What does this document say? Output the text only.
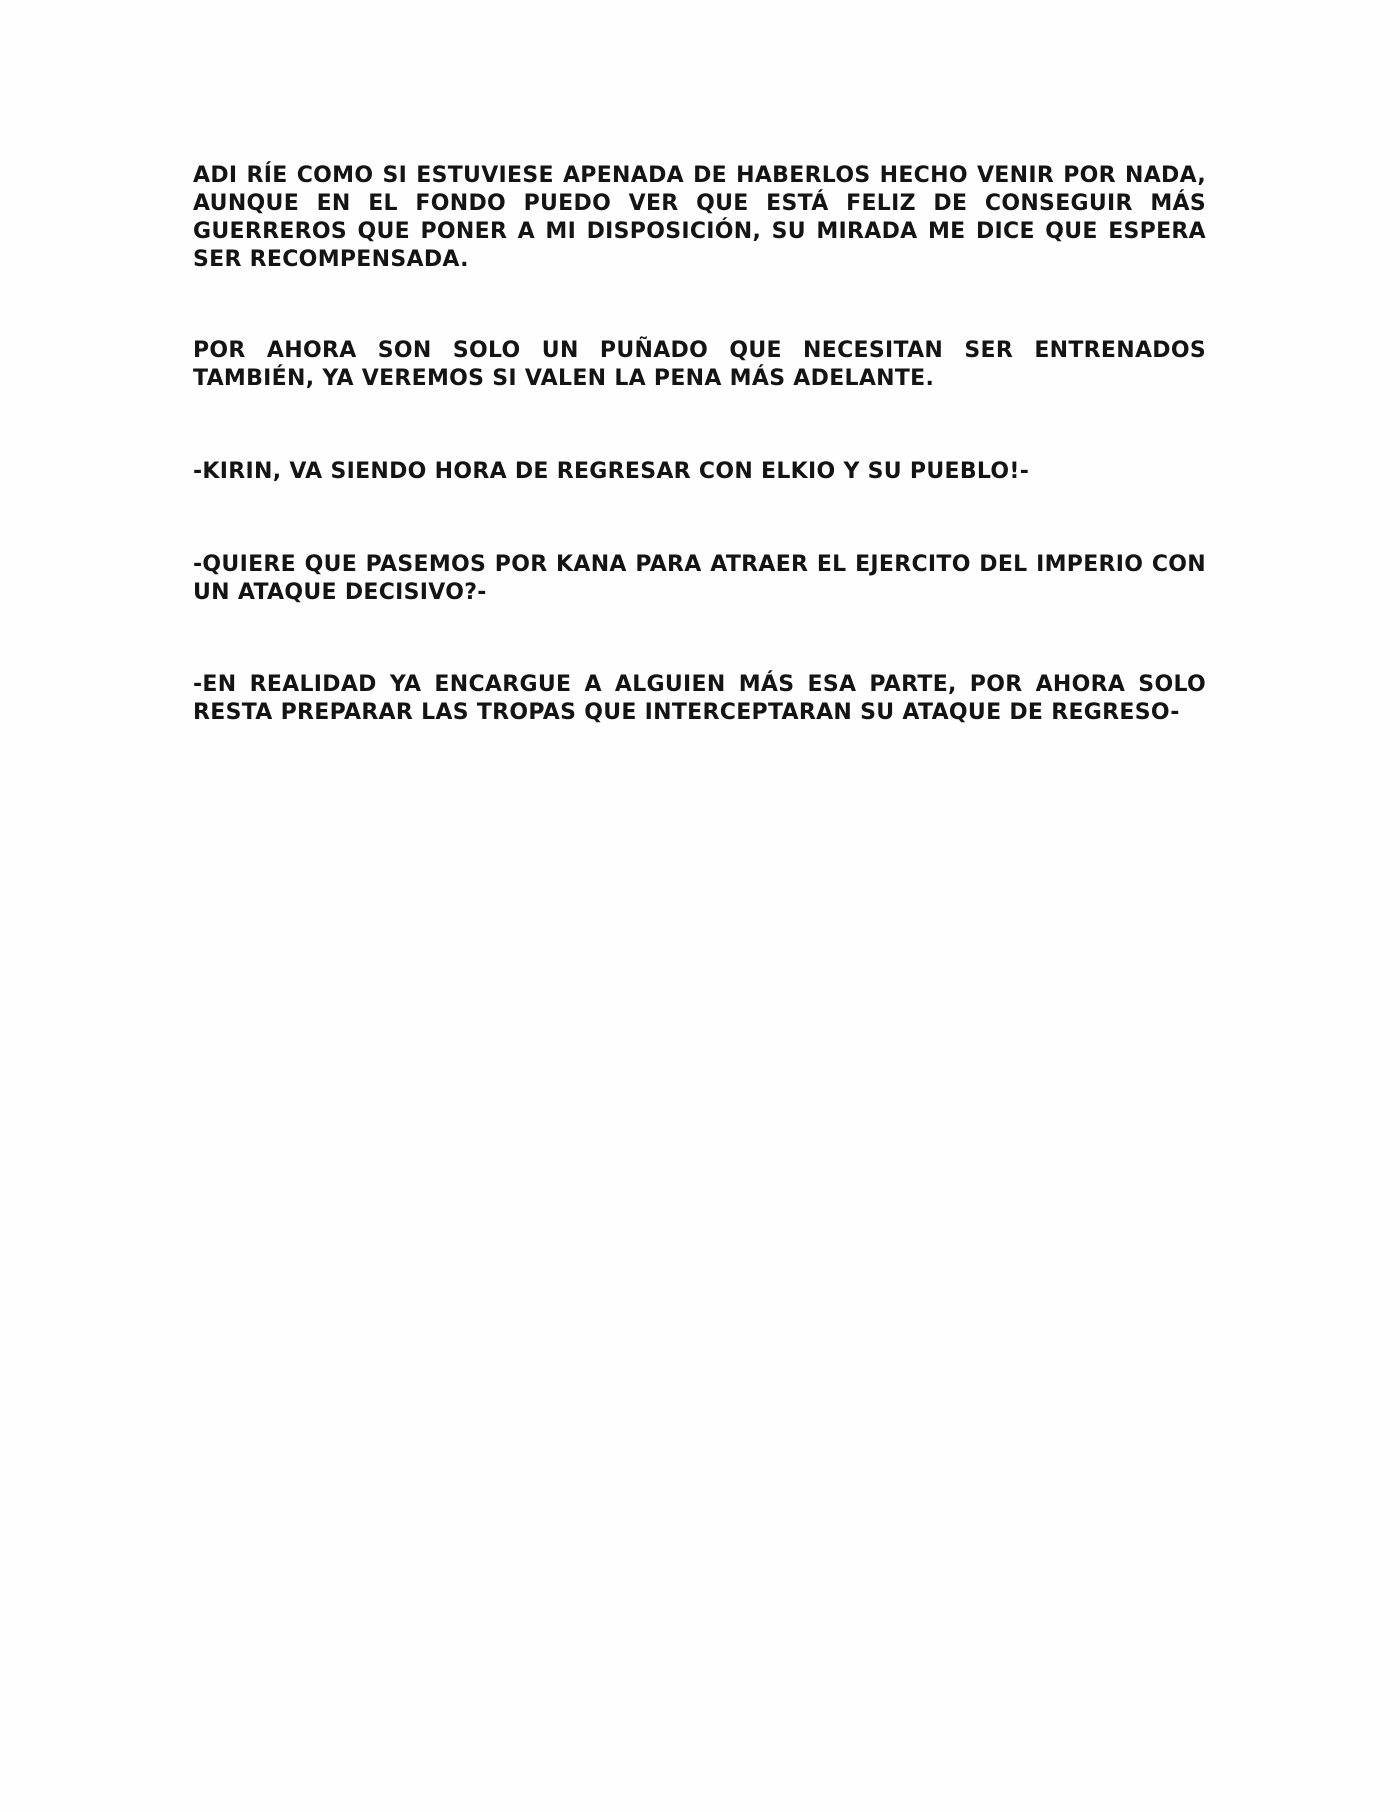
ADI RÍE COMO SI ESTUVIESE APENADA DE HABERLOS HECHO VENIR POR NADA, AUNQUE EN EL FONDO PUEDO VER QUE ESTÁ FELIZ DE CONSEGUIR MÁS GUERREROS QUE PONER A MI DISPOSICIÓN, SU MIRADA ME DICE QUE ESPERA SER RECOMPENSADA.

POR AHORA SON SOLO UN PUÑADO QUE NECESITAN SER ENTRENADOS TAMBIÉN, YA VEREMOS SI VALEN LA PENA MÁS ADELANTE.

-KIRIN, VA SIENDO HORA DE REGRESAR CON ELKIO Y SU PUEBLO!-

-QUIERE QUE PASEMOS POR KANA PARA ATRAER EL EJERCITO DEL IMPERIO CON UN ATAQUE DECISIVO?-

-EN REALIDAD YA ENCARGUE A ALGUIEN MÁS ESA PARTE, POR AHORA SOLO RESTA PREPARAR LAS TROPAS QUE INTERCEPTARAN SU ATAQUE DE REGRESO-
